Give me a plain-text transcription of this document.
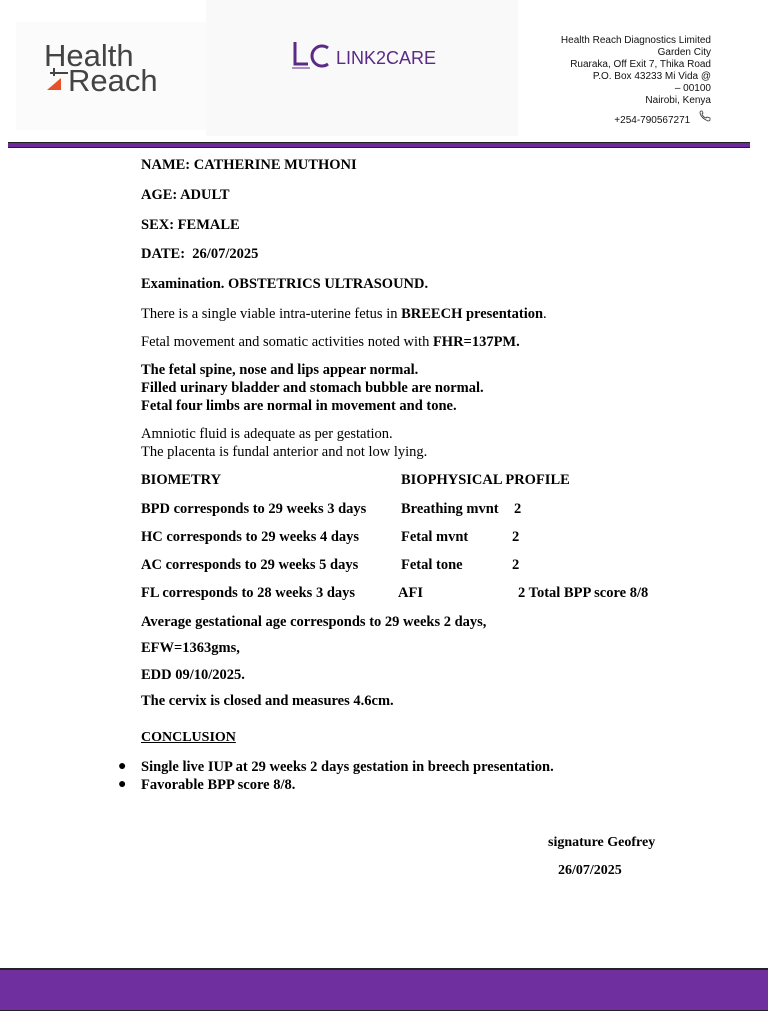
Health
Reach
LINK2CARE
Health Reach Diagnostics Limited
Garden City
Ruaraka, Off Exit 7, Thika Road
P.O. Box 43233 Mi Vida @
– 00100
Nairobi, Kenya
+254-790567271
NAME: CATHERINE MUTHONI
AGE: ADULT
SEX: FEMALE
DATE:  26/07/2025
Examination. OBSTETRICS ULTRASOUND.
There is a single viable intra-uterine fetus in BREECH presentation.
Fetal movement and somatic activities noted with FHR=137PM.
The fetal spine, nose and lips appear normal.
Filled urinary bladder and stomach bubble are normal.
Fetal four limbs are normal in movement and tone.
Amniotic fluid is adequate as per gestation.
The placenta is fundal anterior and not low lying.
BIOMETRY	BIOPHYSICAL PROFILE
BPD corresponds to 29 weeks 3 days Breathing mvnt 2
HC corresponds to 29 weeks 4 days	Fetal mvnt	2
AC corresponds to 29 weeks 5 days	Fetal tone	2
FL corresponds to 28 weeks 3 days	AFI	2 Total BPP score 8/8
Average gestational age corresponds to 29 weeks 2 days,
EFW=1363gms,
EDD 09/10/2025.
The cervix is closed and measures 4.6cm.
CONCLUSION
● Single live IUP at 29 weeks 2 days gestation in breech presentation.
● Favorable BPP score 8/8.
signature Geofrey
26/07/2025
